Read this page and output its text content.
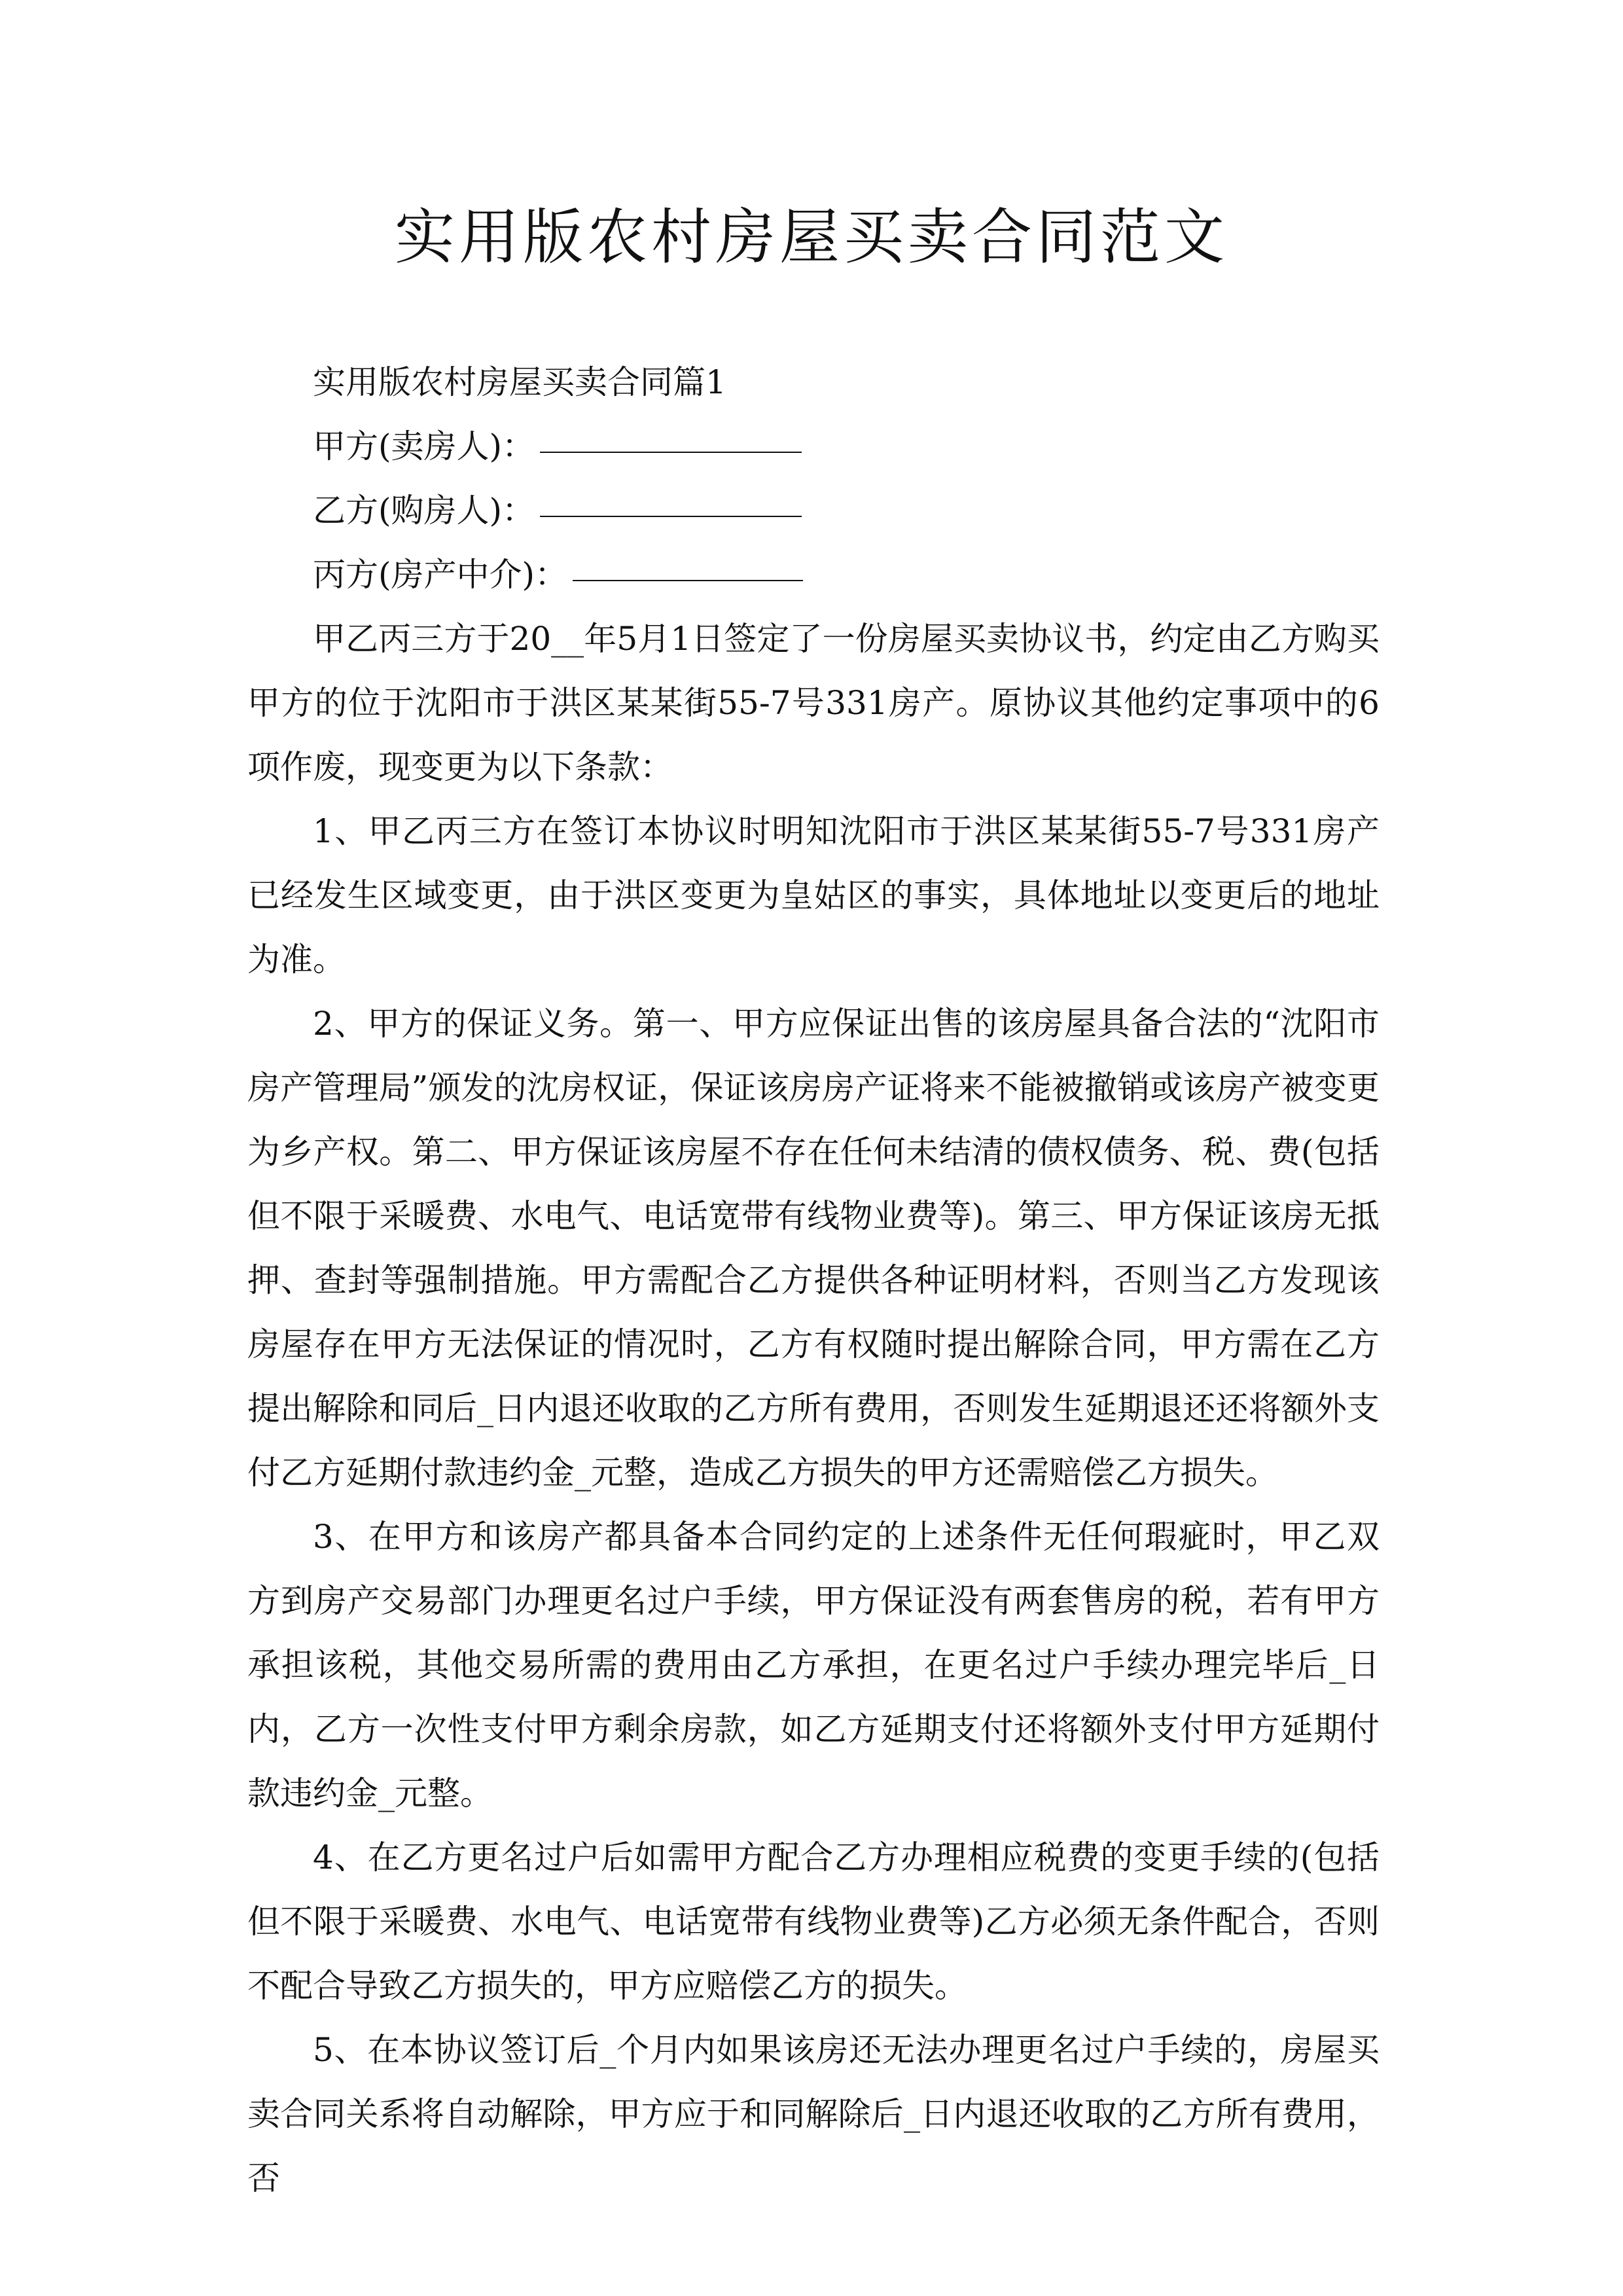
实用版农村房屋买卖合同范文

实用版农村房屋买卖合同篇1

甲方(卖房人)：

乙方(购房人)：

丙方(房产中介)：

甲乙丙三方于20__年5月1日签定了一份房屋买卖协议书，约定由乙方购买甲方的位于沈阳市于洪区某某街55-7号331房产。原协议其他约定事项中的6项作废，现变更为以下条款：

1、甲乙丙三方在签订本协议时明知沈阳市于洪区某某街55-7号331房产已经发生区域变更，由于洪区变更为皇姑区的事实，具体地址以变更后的地址为准。

2、甲方的保证义务。第一、甲方应保证出售的该房屋具备合法的“沈阳市房产管理局”颁发的沈房权证，保证该房房产证将来不能被撤销或该房产被变更为乡产权。第二、甲方保证该房屋不存在任何未结清的债权债务、税、费(包括但不限于采暖费、水电气、电话宽带有线物业费等)。第三、甲方保证该房无抵押、查封等强制措施。甲方需配合乙方提供各种证明材料，否则当乙方发现该房屋存在甲方无法保证的情况时，乙方有权随时提出解除合同，甲方需在乙方提出解除和同后_日内退还收取的乙方所有费用，否则发生延期退还还将额外支付乙方延期付款违约金_元整，造成乙方损失的甲方还需赔偿乙方损失。

3、在甲方和该房产都具备本合同约定的上述条件无任何瑕疵时，甲乙双方到房产交易部门办理更名过户手续，甲方保证没有两套售房的税，若有甲方承担该税，其他交易所需的费用由乙方承担，在更名过户手续办理完毕后_日内，乙方一次性支付甲方剩余房款，如乙方延期支付还将额外支付甲方延期付款违约金_元整。

4、在乙方更名过户后如需甲方配合乙方办理相应税费的变更手续的(包括但不限于采暖费、水电气、电话宽带有线物业费等)乙方必须无条件配合，否则不配合导致乙方损失的，甲方应赔偿乙方的损失。

5、在本协议签订后_个月内如果该房还无法办理更名过户手续的，房屋买卖合同关系将自动解除，甲方应于和同解除后_日内退还收取的乙方所有费用，否
